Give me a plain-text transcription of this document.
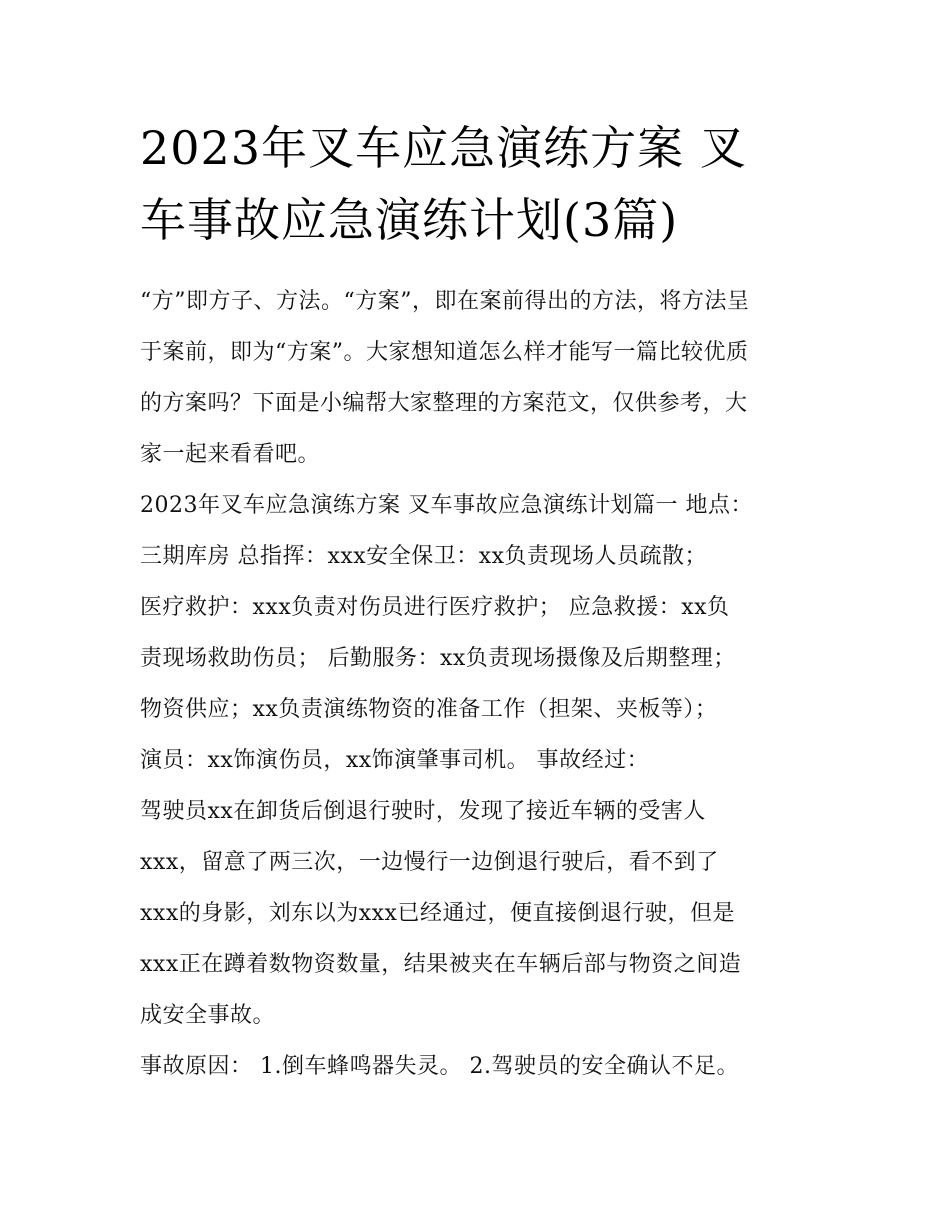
2023年叉车应急演练方案 叉
车事故应急演练计划(3篇)

“方”即方子、方法。“方案”，即在案前得出的方法，将方法呈
于案前，即为“方案”。大家想知道怎么样才能写一篇比较优质
的方案吗？下面是小编帮大家整理的方案范文，仅供参考，大
家一起来看看吧。

2023年叉车应急演练方案 叉车事故应急演练计划篇一 地点：
三期库房 总指挥：xxx安全保卫：xx负责现场人员疏散；
医疗救护：xxx负责对伤员进行医疗救护； 应急救援：xx负
责现场救助伤员； 后勤服务：xx负责现场摄像及后期整理；
物资供应；xx负责演练物资的准备工作（担架、夹板等）；
演员：xx饰演伤员，xx饰演肇事司机。 事故经过：

驾驶员xx在卸货后倒退行驶时，发现了接近车辆的受害人
xxx，留意了两三次，一边慢行一边倒退行驶后，看不到了
xxx的身影，刘东以为xxx已经通过，便直接倒退行驶，但是
xxx正在蹲着数物资数量，结果被夹在车辆后部与物资之间造
成安全事故。

事故原因： 1.倒车蜂鸣器失灵。 2.驾驶员的安全确认不足。
